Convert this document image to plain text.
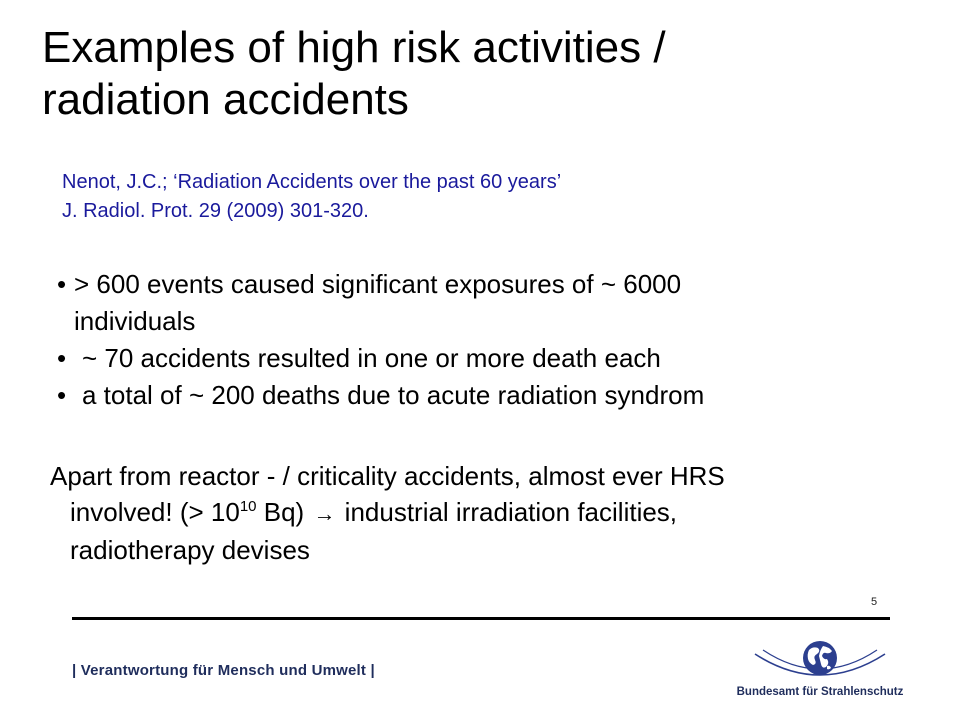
Examples of high risk activities /
radiation accidents
Nenot, J.C.; ‘Radiation Accidents over the past 60 years’
J. Radiol. Prot. 29 (2009) 301-320.
• > 600 events caused significant exposures of ~ 6000
individuals
• ~ 70 accidents resulted in one or more death each
• a total of ~ 200 deaths due to acute radiation syndrom
Apart from reactor - / criticality accidents, almost ever HRS
involved! (> $10^{10}$ Bq) → industrial irradiation facilities,
radiotherapy devises
5
| Verantwortung für Mensch und Umwelt |
Bundesamt für Strahlenschutz
